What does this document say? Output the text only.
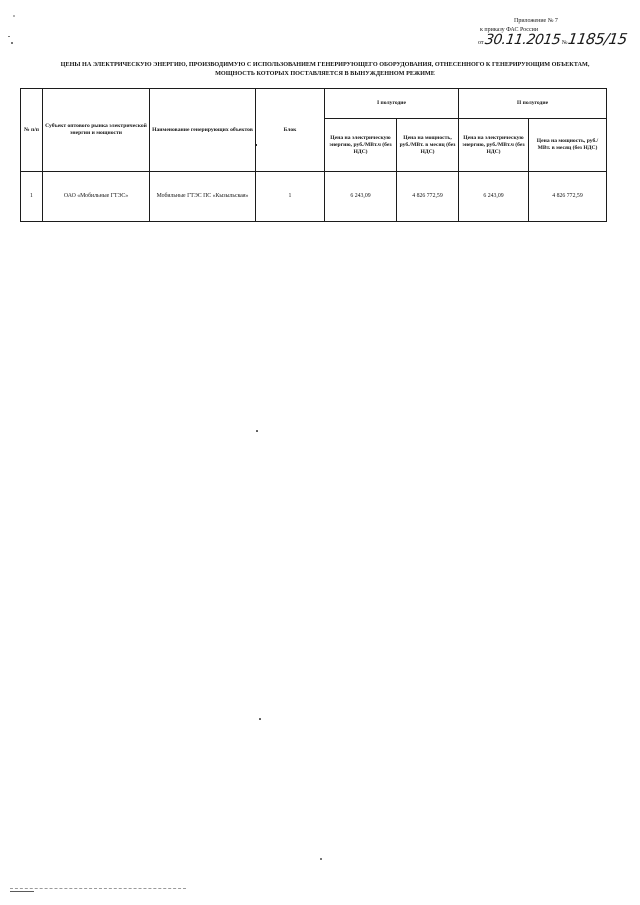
Приложение № 7
к приказу ФАС России
от 30.11.2015 № 1185/15
ЦЕНЫ НА ЭЛЕКТРИЧЕСКУЮ ЭНЕРГИЮ, ПРОИЗВОДИМУЮ С ИСПОЛЬЗОВАНИЕМ ГЕНЕРИРУЮЩЕГО ОБОРУДОВАНИЯ, ОТНЕСЕННОГО К ГЕНЕРИРУЮЩИМ ОБЪЕКТАМ,
МОЩНОСТЬ КОТОРЫХ ПОСТАВЛЯЕТСЯ В ВЫНУЖДЕННОМ РЕЖИМЕ
№ п/п	Субъект оптового рынка электрической энергии и мощности	Наименование генерирующих объектов	Блок	I полугодие		II полугодие	
				Цена на электрическую энергию, руб./МВт.ч (без НДС)	Цена на мощность, руб./МВт. в месяц (без НДС)	Цена на электрическую энергию, руб./МВт.ч (без НДС)	Цена на мощность, руб./МВт. в месяц (без НДС)
1	ОАО «Мобильные ГТЭС»	Мобильные ГТЭС ПС «Кызыльская»	1	6 243,09	4 826 772,59	6 243,09	4 826 772,59
